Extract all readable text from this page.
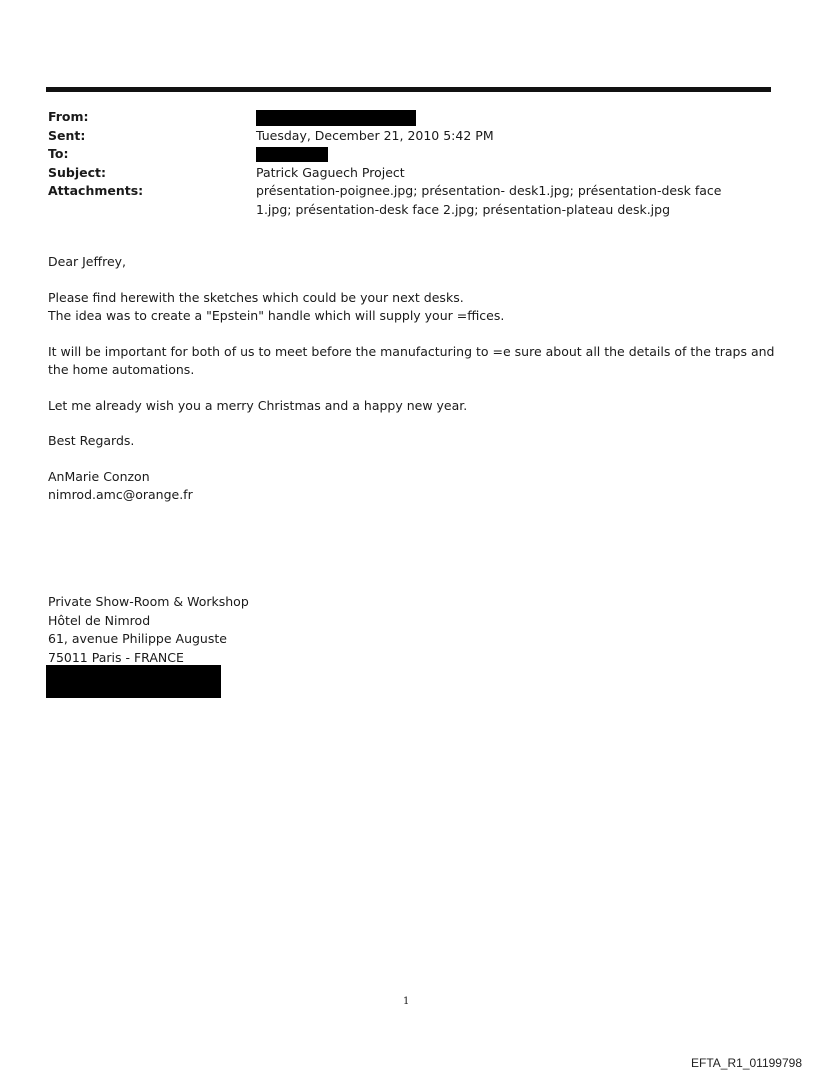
From:
Sent:	Tuesday, December 21, 2010 5:42 PM
To:
Subject:	Patrick Gaguech Project
Attachments:	présentation-poignee.jpg; présentation- desk1.jpg; présentation-desk face 1.jpg; présentation-desk face 2.jpg; présentation-plateau desk.jpg

Dear Jeffrey,

Please find herewith the sketches which could be your next desks.
The idea was to create a "Epstein" handle which will supply your =ffices.

It will be important for both of us to meet before the manufacturing to =e sure about all the details of the traps and the home automations.

Let me already wish you a merry Christmas and a happy new year.

Best Regards.

AnMarie Conzon
nimrod.amc@orange.fr

Private Show-Room & Workshop
Hôtel de Nimrod
61, avenue Philippe Auguste
75011 Paris - FRANCE
1
EFTA_R1_01199798
